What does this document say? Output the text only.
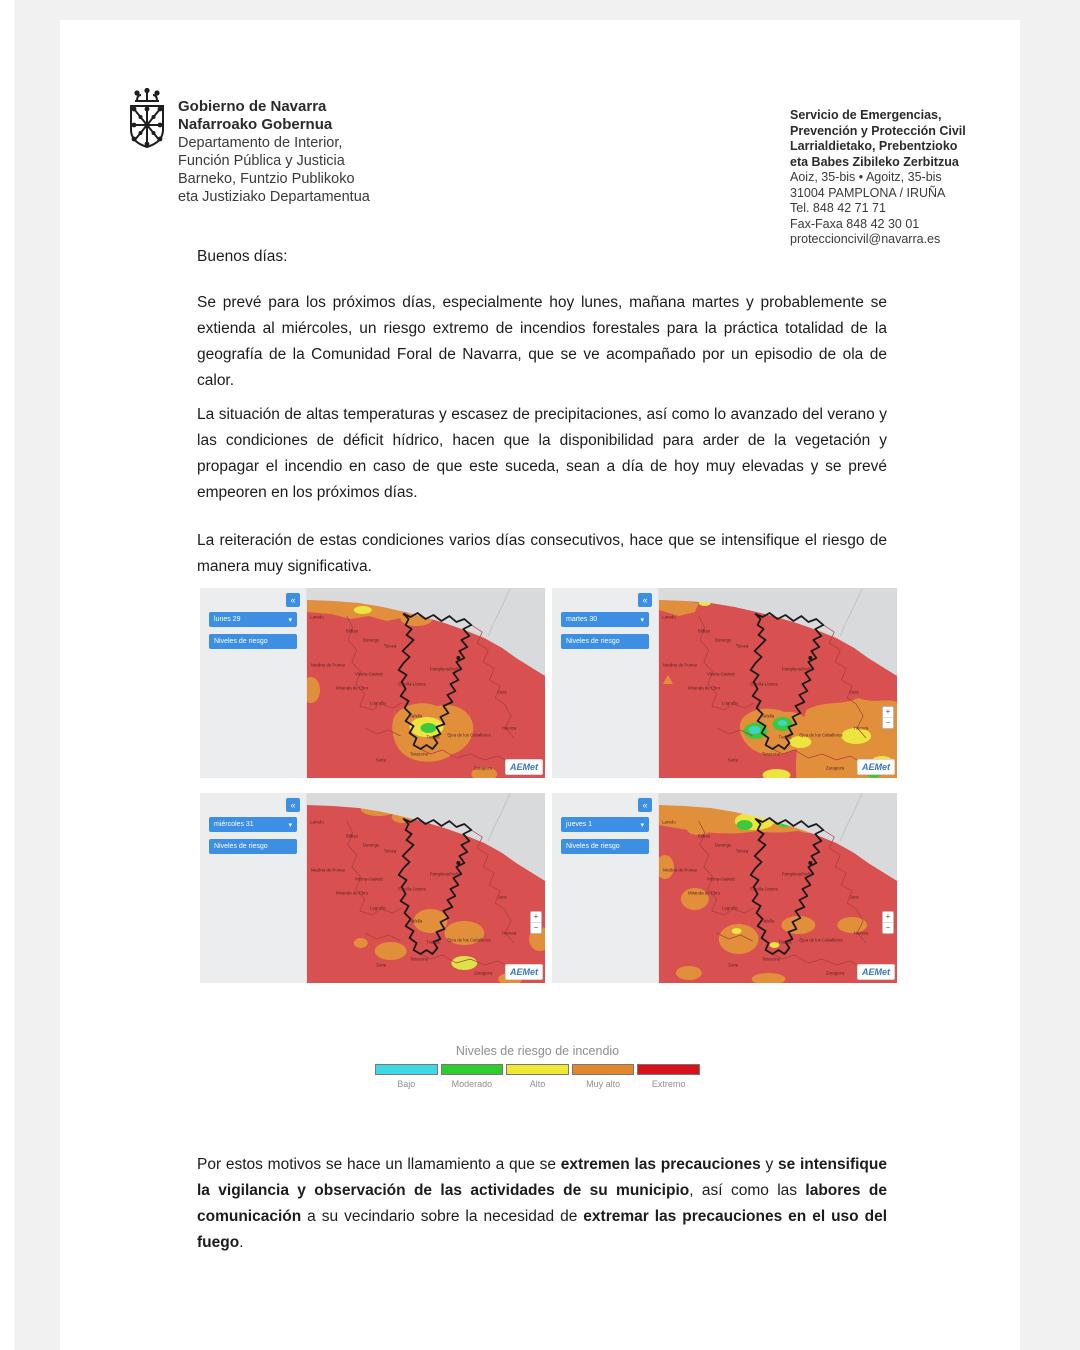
Gobierno de Navarra
Nafarroako Gobernua
Departamento de Interior,
Función Pública y Justicia
Barneko, Funtzio Publikoko
eta Justiziako Departamentua
Servicio de Emergencias,
Prevención y Protección Civil
Larrialdietako, Prebentzioko
eta Babes Zibileko Zerbitzua
Aoiz, 35-bis • Agoitz, 35-bis
31004 PAMPLONA / IRUÑA
Tel. 848 42 71 71
Fax-Faxa 848 42 30 01
proteccioncivil@navarra.es
Buenos días:
Se prevé para los próximos días, especialmente hoy lunes, mañana martes y probablemente se extienda al miércoles, un riesgo extremo de incendios forestales para la práctica totalidad de la geografía de la Comunidad Foral de Navarra, que se ve acompañado por un episodio de ola de calor.
La situación de altas temperaturas y escasez de precipitaciones, así como lo avanzado del verano y las condiciones de déficit hídrico, hacen que la disponibilidad para arder de la vegetación y propagar el incendio en caso de que este suceda, sean a día de hoy muy elevadas y se prevé empeoren en los próximos días.
La reiteración de estas condiciones varios días consecutivos, hace que se intensifique el riesgo de manera muy significativa.
«
lunes 29	▾
Niveles de riesgo
Laredo
Bilbao
Durango
Tolosa
Medina de Pomar
Vitoria-Gasteiz
Miranda de Ebro
Logroño
Estella-Lizarra
Pamplona/Iruña
Tafalla
Tudela
Tarazona
Soria
Ejea de los Caballeros
Zaragoza
Huesca
Jaca
AEMet
«
martes 30	▾
Niveles de riesgo
Laredo
Bilbao
Durango
Tolosa
Medina de Pomar
Vitoria-Gasteiz
Miranda de Ebro
Logroño
Estella-Lizarra
Pamplona/Iruña
Tafalla
Tudela
Tarazona
Soria
Ejea de los Caballeros
Zaragoza
Huesca
Jaca
+
−
AEMet
«
miércoles 31	▾
Niveles de riesgo
Laredo
Bilbao
Durango
Tolosa
Medina de Pomar
Vitoria-Gasteiz
Miranda de Ebro
Logroño
Estella-Lizarra
Pamplona/Iruña
Tafalla
Tudela
Tarazona
Soria
Ejea de los Caballeros
Zaragoza
Huesca
Jaca
+
−
AEMet
«
jueves 1	▾
Niveles de riesgo
Laredo
Bilbao
Durango
Tolosa
Medina de Pomar
Vitoria-Gasteiz
Miranda de Ebro
Logroño
Estella-Lizarra
Pamplona/Iruña
Tafalla
Tudela
Tarazona
Soria
Ejea de los Caballeros
Zaragoza
Huesca
Jaca
+
−
AEMet
Niveles de riesgo de incendio
Bajo	Moderado	Alto	Muy alto	Extremo
Por estos motivos se hace un llamamiento a que se extremen las precauciones y se intensifique la vigilancia y observación de las actividades de su municipio, así como las labores de comunicación a su vecindario sobre la necesidad de extremar las precauciones en el uso del fuego.
